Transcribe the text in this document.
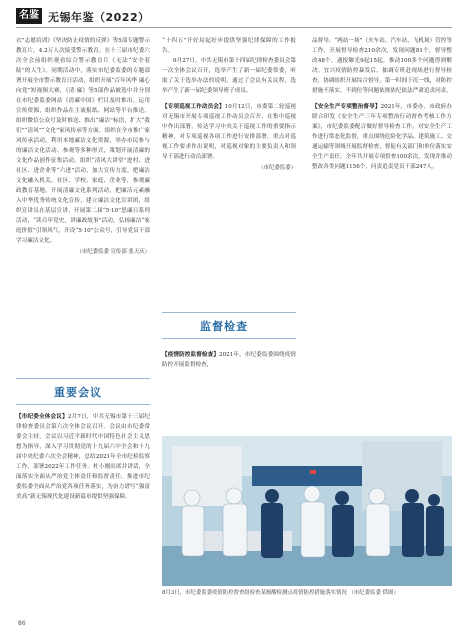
名鉴 无锡年鉴（2022）

衣”志愿培训》《坚决防止疫情的反弹》等5部专题警示教育片，4.2万人次接受警示教育。在十三届市纪委六次全会前组织观看综合警示教育片《无法“安全着陆”的人生》。同期活动中，落实市纪委监委的专题部署开展全市警示教育日活动，组织开展“百年风华 廉心向党”短视频大赛，《清·廉》等5部作品被选中并分别在市纪委监委网站《清廉中国》栏目及时推出。运用宣传资源，组织作品在主流报纸、网站等平台推送，组织微信公众号及时推送、推出“廉洁”标语，扩大“我们”“清风”“文化”家风传承等方面，组织在全市推广家风传承活动，利用本地廉洁文化资源，举办市民参与的廉洁文化活动、参观等多种形式，策划开展清廉的文化作品创作征集活动。组织“清风大讲堂”进村、进社区、进企业等“六进”活动，加大宣传力度。把廉洁文化融入机关、社区、学校、家庭、企业等，参观廉政教育基地，开展清廉文化系列活动，把廉洁元素融入中华优秀传统文化宣传，建立廉洁文化宣讲团，组织宣讲员在基层宣讲，开展第二届“5·10”思廉日系列活动，“读百年党史，讲廉政故事”活动，弘扬廉洁“家庭价值”引领风气，开设“5·10”公众号，引导党员干部学习廉洁文化。

（市纪委监委 宣传部 张天庆）
重要会议

【市纪委全体会议】2月7日，中共无锡市第十三届纪律检查委员会第六次全体会议召开。会议由市纪委常委会主持。会议以习近平新时代中国特色社会主义思想为指导，深入学习贯彻党的十九届六中全会和十九届中央纪委六次全会精神，总结2021年全市纪检监察工作，部署2022年工作任务。杜小刚出席并讲话，全面落实全面从严治党主体责任和监督责任，推进市纪委监委全面从严治党各项任务落实，为奋力谱写“强富美高”新无锡现代化建设新篇章提供坚强保障。

“十四五”开好局起好步提供坚强纪律保障的工作报告。

9月27日，中共无锡市第十四届纪律检查委员会第一次全体会议召开，选举产生了新一届纪委常委，听取了关于选举办法的说明，通过了会议有关议程，选举产生了新一届纪委领导班子成员。

【专项巡视工作动员会】10月12日，市委第二轮巡视对无锡市开展专项巡视工作动员会召开，在集中巡视中作出部署。传达学习中央关于巡视工作的重要指示精神，对专项巡视各项工作进行安排部署，重点对巡视工作要求作出说明，对巡视对象的主要负责人和领导干部进行动员部署。

（市纪委监委）
监督检查

【疫情防控监督检查】2021年，市纪委监委围绕疫情防控开展监督检查，

品督导、“两站一场”（火车站、汽车站、飞机场）管控等工作，开展督导检查210余次，发现问题81个，督导整改48个，通报曝光9起15起，推动100多个问题得到解决。宜兴疫情防控暴发后，抽调专班赴现场进行督导检查，协调组织开展综合督导，第一时间下沉一线，对防控措施不落实、不到位等问题依规依纪依法严肃追责问责。

【安全生产专项整治督导】2021年，市委办、市政府办联合印发《安全生产三年专项整治行动督查考核工作方案》，市纪委监委配合做好督导检查工作，对安全生产工作进行常态化监督，重点围绕危险化学品、建筑施工、交通运输等领域开展监督检查，督促有关部门和单位落实安全生产责任。全年共开展专项督查100余次，发现并推动整改各类问题1156个，问责追责党员干部247人。

8月3日，市纪委监委疫情防控督查组检查某核酸检测点疫情防控措施落实情况 （市纪委监委 供图）
86
